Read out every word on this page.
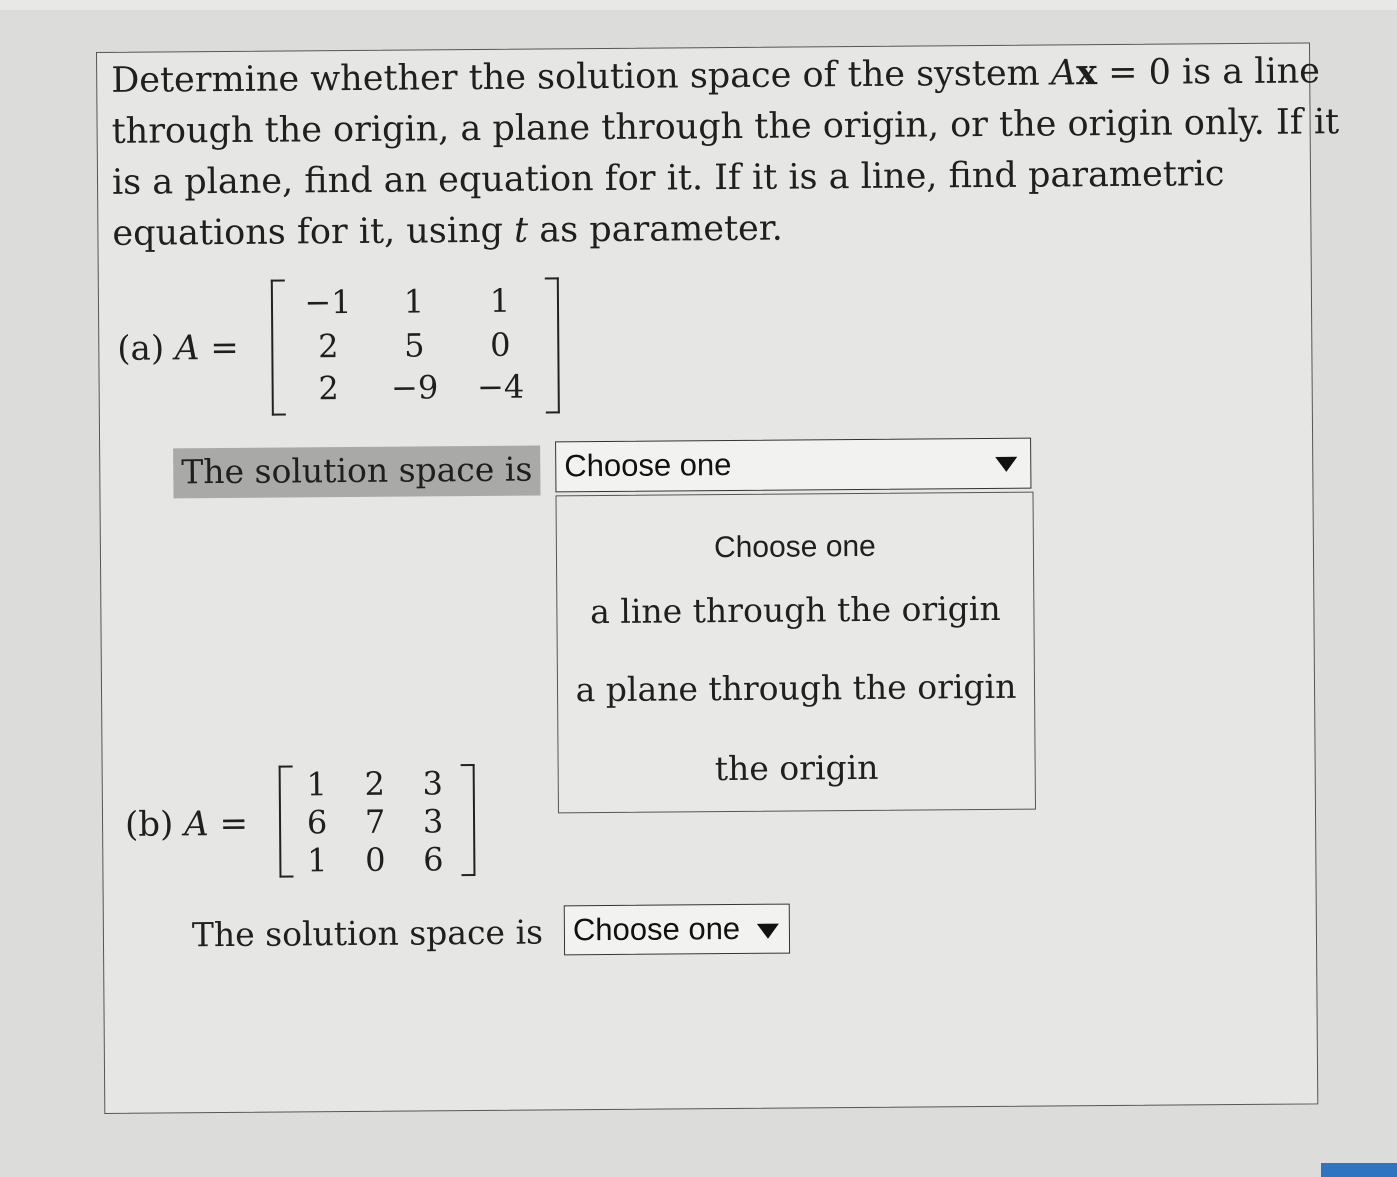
Determine whether the solution space of the system Ax = 0 is a line
through the origin, a plane through the origin, or the origin only. If it
is a plane, find an equation for it. If it is a line, find parametric
equations for it, using t as parameter.
(a) A =
−1	1	1
2	5	0
2	−9	−4
The solution space is Choose one
Choose one
a line through the origin
a plane through the origin
the origin
(b) A =
1	2	3
6	7	3
1	0	6
The solution space is Choose one
